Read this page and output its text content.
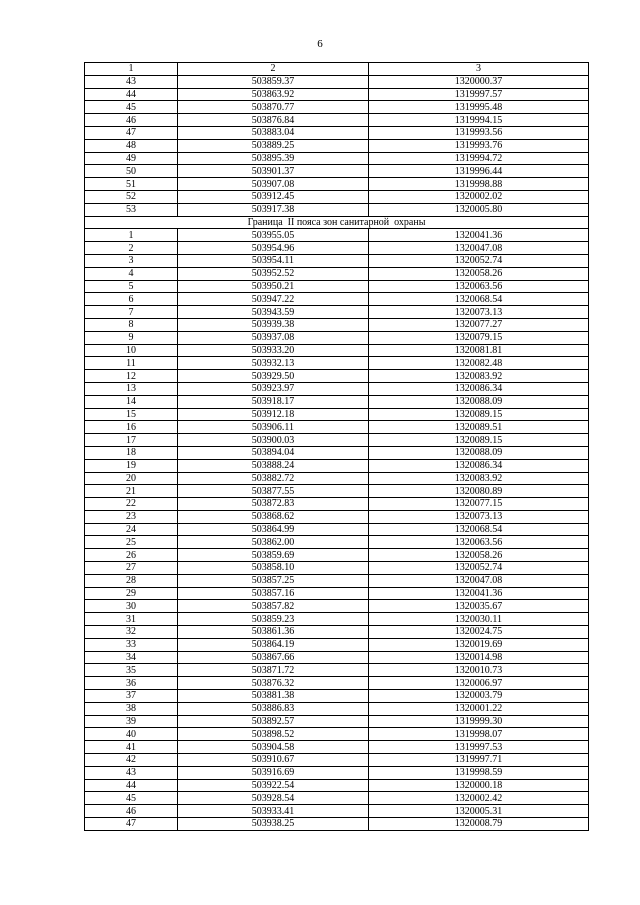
6
1	2	3
43	503859.37	1320000.37
44	503863.92	1319997.57
45	503870.77	1319995.48
46	503876.84	1319994.15
47	503883.04	1319993.56
48	503889.25	1319993.76
49	503895.39	1319994.72
50	503901.37	1319996.44
51	503907.08	1319998.88
52	503912.45	1320002.02
53	503917.38	1320005.80
Граница  II пояса зон санитарной  охраны		
1	503955.05	1320041.36
2	503954.96	1320047.08
3	503954.11	1320052.74
4	503952.52	1320058.26
5	503950.21	1320063.56
6	503947.22	1320068.54
7	503943.59	1320073.13
8	503939.38	1320077.27
9	503937.08	1320079.15
10	503933.20	1320081.81
11	503932.13	1320082.48
12	503929.50	1320083.92
13	503923.97	1320086.34
14	503918.17	1320088.09
15	503912.18	1320089.15
16	503906.11	1320089.51
17	503900.03	1320089.15
18	503894.04	1320088.09
19	503888.24	1320086.34
20	503882.72	1320083.92
21	503877.55	1320080.89
22	503872.83	1320077.15
23	503868.62	1320073.13
24	503864.99	1320068.54
25	503862.00	1320063.56
26	503859.69	1320058.26
27	503858.10	1320052.74
28	503857.25	1320047.08
29	503857.16	1320041.36
30	503857.82	1320035.67
31	503859.23	1320030.11
32	503861.36	1320024.75
33	503864.19	1320019.69
34	503867.66	1320014.98
35	503871.72	1320010.73
36	503876.32	1320006.97
37	503881.38	1320003.79
38	503886.83	1320001.22
39	503892.57	1319999.30
40	503898.52	1319998.07
41	503904.58	1319997.53
42	503910.67	1319997.71
43	503916.69	1319998.59
44	503922.54	1320000.18
45	503928.54	1320002.42
46	503933.41	1320005.31
47	503938.25	1320008.79
